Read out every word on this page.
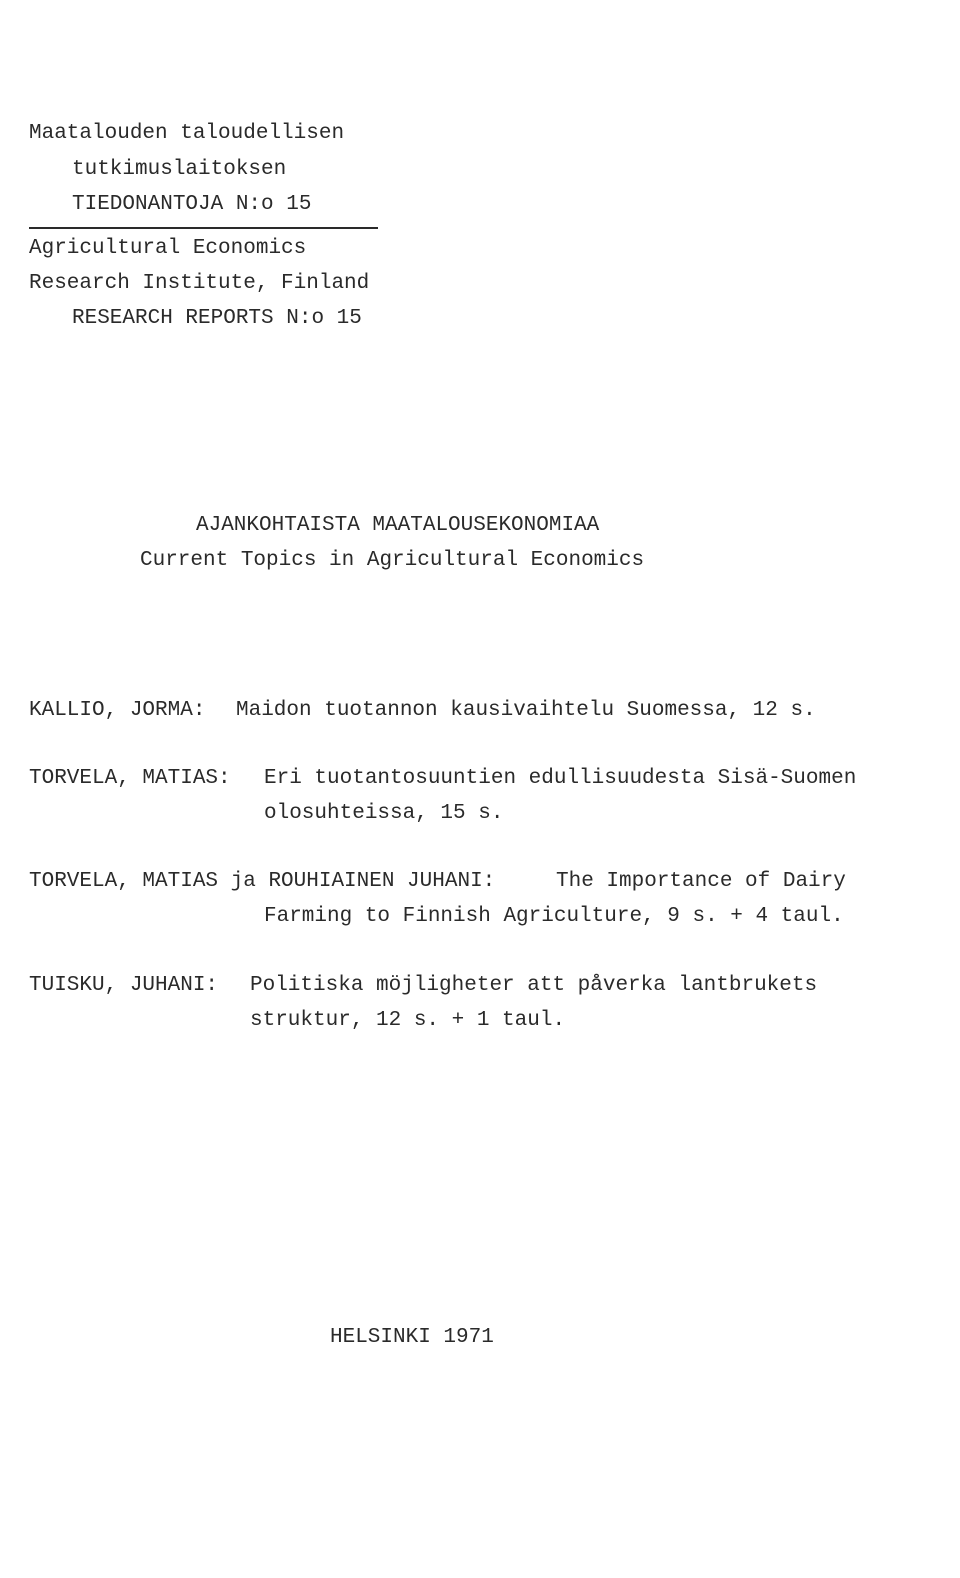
Maatalouden taloudellisen
tutkimuslaitoksen
TIEDONANTOJA N:o 15
Agricultural Economics
Research Institute, Finland
RESEARCH REPORTS N:o 15
AJANKOHTAISTA MAATALOUSEKONOMIAA
Current Topics in Agricultural Economics
KALLIO, JORMA: Maidon tuotannon kausivaihtelu Suomessa, 12 s.
TORVELA, MATIAS: Eri tuotantosuuntien edullisuudesta Sisä-Suomen
olosuhteissa, 15 s.
TORVELA, MATIAS ja ROUHIAINEN JUHANI:	The Importance of Dairy
Farming to Finnish Agriculture, 9 s. + 4 taul.
TUISKU, JUHANI: Politiska möjligheter att påverka lantbrukets
struktur, 12 s. + 1 taul.
HELSINKI 1971
